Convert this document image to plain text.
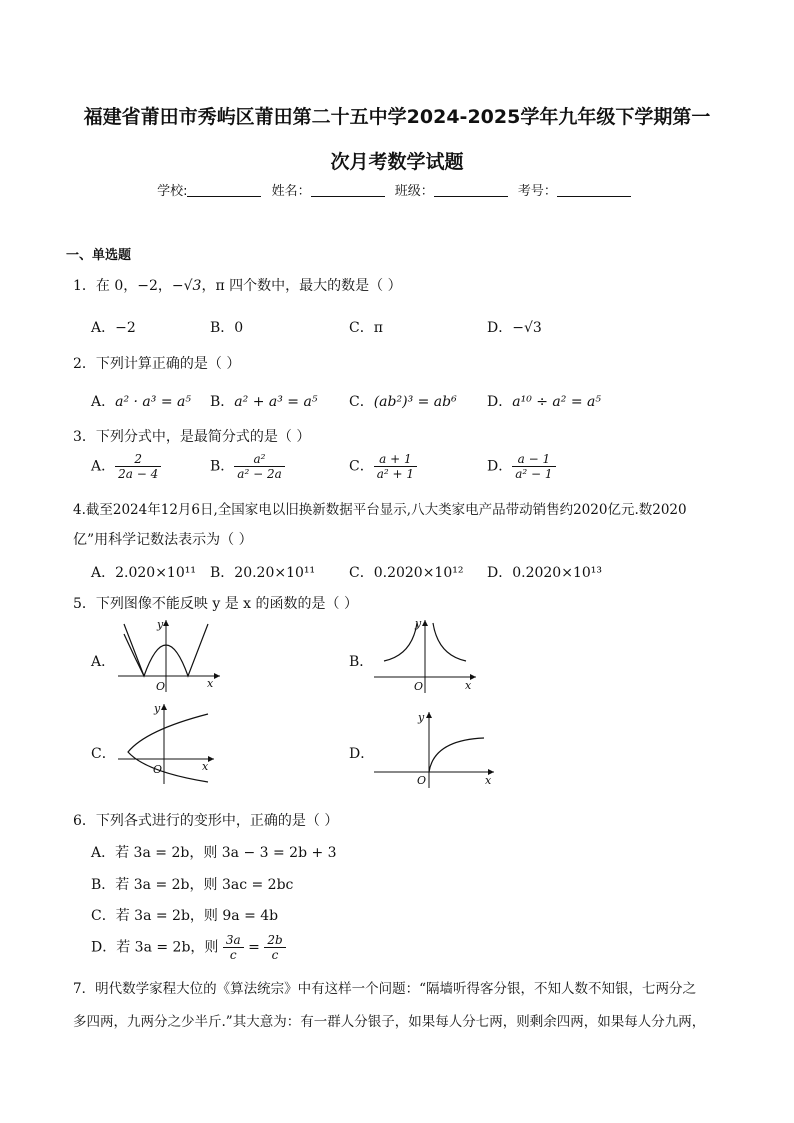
福建省莆田市秀屿区莆田第二十五中学2024-2025学年九年级下学期第一
次月考数学试题
学校:	姓名：	班级：	考号：
一、单选题
1．在 0，−2，−√3，π 四个数中，最大的数是（ ）
A．−2	B．0	C．π	D．−√3
2．下列计算正确的是（ ）
A．a² · a³ = a⁵ B．a² + a³ = a⁵ C．(ab²)³ = ab⁶ D．a¹⁰ ÷ a² = a⁵
3．下列分式中，是最简分式的是（ ）
A． $\frac{2}{2a - 4}$	B． $\frac{\text{a²}}{\text{a² − 2a}}$	C． $\frac{a + 1}{\text{a² + 1}}$	D． $\frac{a - 1}{\text{a² − 1}}$
4.截至2024年12月6日,全国家电以旧换新数据平台显示,八大类家电产品带动销售约2020亿元.数2020
亿”用科学记数法表示为（ ）
A．2.020×10¹¹ B．20.20×10¹¹ C．0.2020×10¹² D．0.2020×10¹³
5．下列图像不能反映 y 是 x 的函数的是（ ）
A．
O	x
y
B．
O	x
y
C．
O	x
y
D．
O	x
y
6．下列各式进行的变形中，正确的是（ ）
A．若 3a = 2b，则 3a − 3 = 2b + 3
B．若 3a = 2b，则 3ac = 2bc
C．若 3a = 2b，则 9a = 4b
D．若 3a = 2b，则 $\frac{3a}{c} = \frac{2b}{c}$
7．明代数学家程大位的《算法统宗》中有这样一个问题：“隔墙听得客分银，不知人数不知银，七两分之
多四两，九两分之少半斤.”其大意为：有一群人分银子，如果每人分七两，则剩余四两，如果每人分九两，
